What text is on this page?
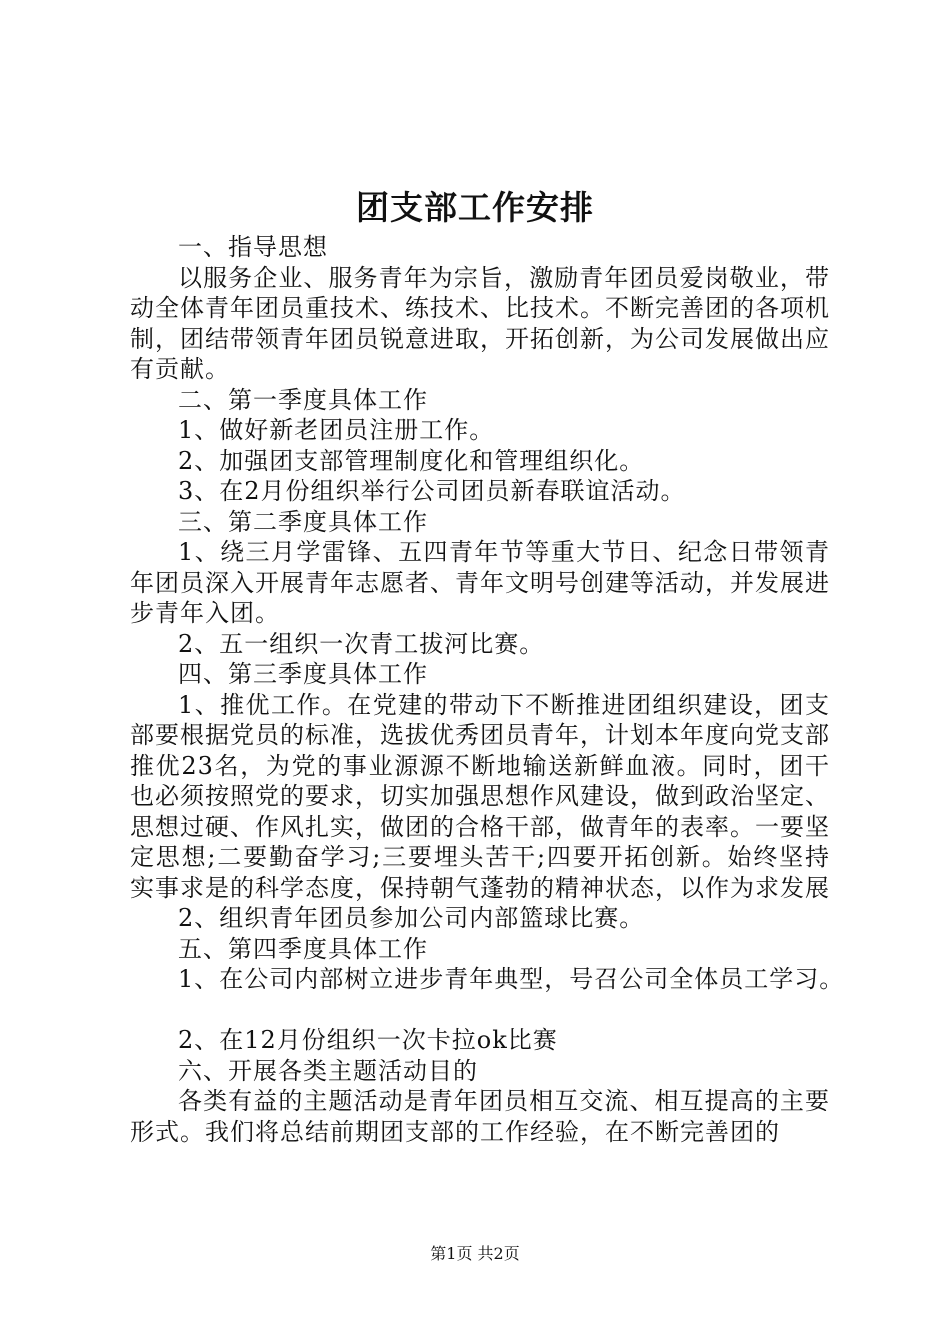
团支部工作安排

一、指导思想

以服务企业、服务青年为宗旨，激励青年团员爱岗敬业，带动全体青年团员重技术、练技术、比技术。不断完善团的各项机制，团结带领青年团员锐意进取，开拓创新，为公司发展做出应有贡献。

二、第一季度具体工作

1、做好新老团员注册工作。

2、加强团支部管理制度化和管理组织化。

3、在2月份组织举行公司团员新春联谊活动。

三、第二季度具体工作

1、绕三月学雷锋、五四青年节等重大节日、纪念日带领青年团员深入开展青年志愿者、青年文明号创建等活动，并发展进步青年入团。

2、五一组织一次青工拔河比赛。

四、第三季度具体工作

1、推优工作。在党建的带动下不断推进团组织建设，团支部要根据党员的标准，选拔优秀团员青年，计划本年度向党支部推优23名，为党的事业源源不断地输送新鲜血液。同时，团干也必须按照党的要求，切实加强思想作风建设，做到政治坚定、思想过硬、作风扎实，做团的合格干部，做青年的表率。一要坚定思想;二要勤奋学习;三要埋头苦干;四要开拓创新。始终坚持实事求是的科学态度，保持朝气蓬勃的精神状态，以作为求发展

2、组织青年团员参加公司内部篮球比赛。

五、第四季度具体工作

1、在公司内部树立进步青年典型，号召公司全体员工学习。

2、在12月份组织一次卡拉ok比赛

六、开展各类主题活动目的

各类有益的主题活动是青年团员相互交流、相互提高的主要形式。我们将总结前期团支部的工作经验，在不断完善团的

第1页 共2页
